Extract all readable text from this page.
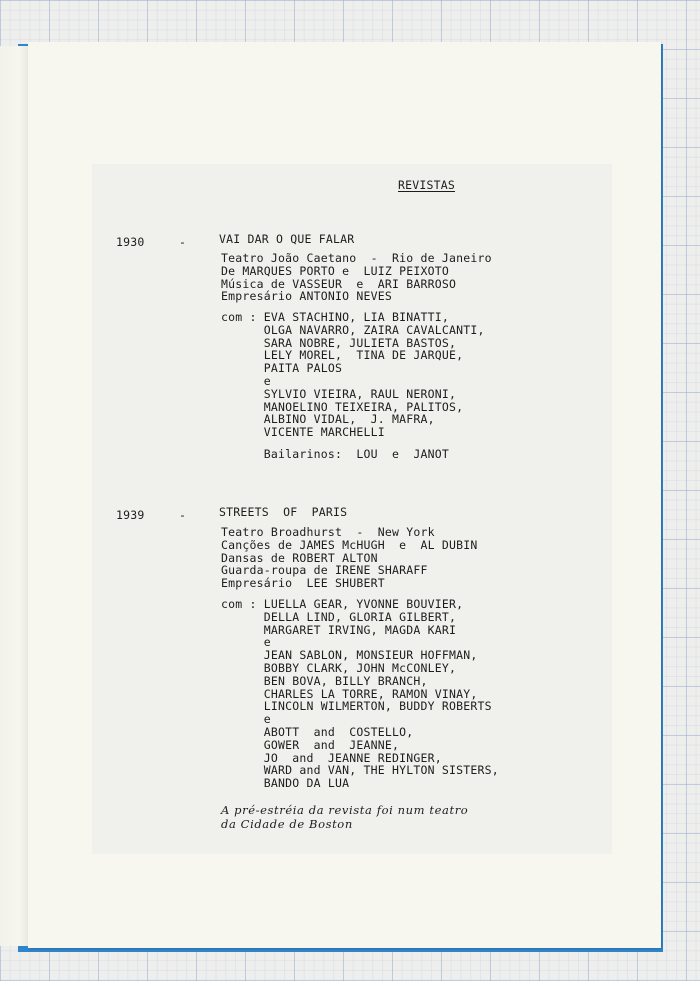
REVISTAS

1930	-	VAI DAR O QUE FALAR

Teatro João Caetano  -  Rio de Janeiro
De MARQUES PORTO e  LUIZ PEIXOTO
Música de VASSEUR  e  ARI BARROSO
Empresário ANTONIO NEVES

com : EVA STACHINO, LIA BINATTI,
OLGA NAVARRO, ZAIRA CAVALCANTI,
SARA NOBRE, JULIETA BASTOS,
LELY MOREL,  TINA DE JARQUE,
PAITA PALOS
e
SYLVIO VIEIRA, RAUL NERONI,
MANOELINO TEIXEIRA, PALITOS,
ALBINO VIDAL,  J. MAFRA,
VICENTE MARCHELLI

Bailarinos:  LOU  e  JANOT

1939	-	STREETS  OF  PARIS

Teatro Broadhurst  -  New York
Canções de JAMES McHUGH  e  AL DUBIN
Dansas de ROBERT ALTON
Guarda-roupa de IRENE SHARAFF
Empresário  LEE SHUBERT

com : LUELLA GEAR, YVONNE BOUVIER,
DELLA LIND, GLORIA GILBERT,
MARGARET IRVING, MAGDA KARI
e
JEAN SABLON, MONSIEUR HOFFMAN,
BOBBY CLARK, JOHN McCONLEY,
BEN BOVA, BILLY BRANCH,
CHARLES LA TORRE, RAMON VINAY,
LINCOLN WILMERTON, BUDDY ROBERTS
e
ABOTT  and  COSTELLO,
GOWER  and  JEANNE,
JO  and  JEANNE REDINGER,
WARD and VAN, THE HYLTON SISTERS,
BANDO DA LUA

A pré-estréia da revista foi num teatro
da Cidade de Boston
